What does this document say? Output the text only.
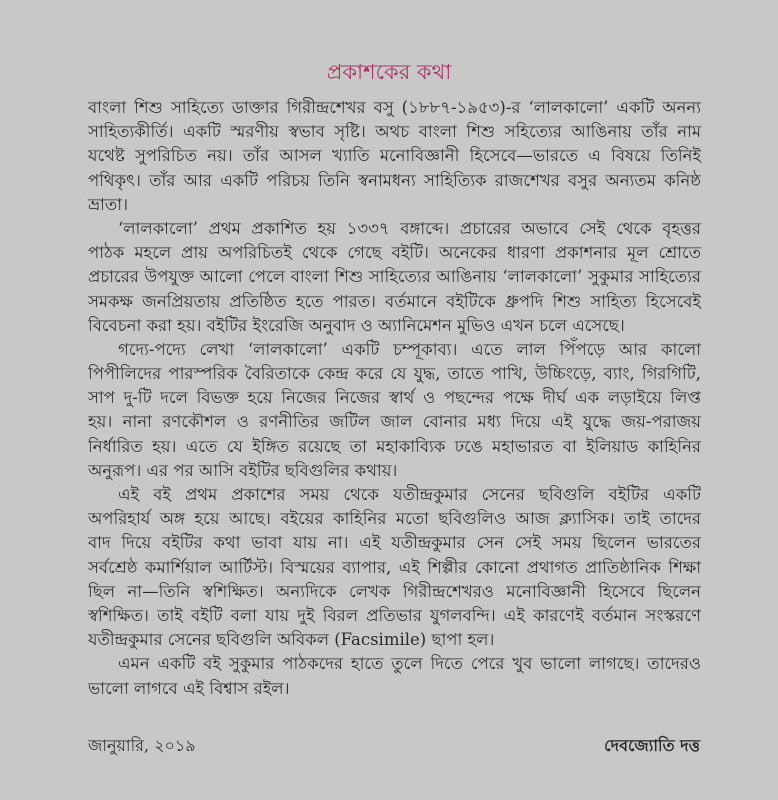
প্রকাশকের কথা
বাংলা শিশু সাহিত্যে ডাক্তার গিরীন্দ্রশেখর বসু (১৮৮৭-১৯৫৩)-র ‘লালকালো’ একটি অনন্য
সাহিত্যকীর্তি। একটি স্মরণীয় স্বভাব সৃষ্টি। অথচ বাংলা শিশু সহিত্যের আঙিনায় তাঁর নাম
যথেষ্ট সুপরিচিত নয়। তাঁর আসল খ্যাতি মনোবিজ্ঞানী হিসেবে—ভারতে এ বিষয়ে তিনিই
পথিকৃৎ। তাঁর আর একটি পরিচয় তিনি স্বনামধন্য সাহিত্যিক রাজশেখর বসুর অন্যতম কনিষ্ঠ
ভ্রাতা।
‘লালকালো’ প্রথম প্রকাশিত হয় ১৩৩৭ বঙ্গাব্দে। প্রচারের অভাবে সেই থেকে বৃহত্তর
পাঠক মহলে প্রায় অপরিচিতই থেকে গেছে বইটি। অনেকের ধারণা প্রকাশনার মূল শ্রোতে
প্রচারের উপযুক্ত আলো পেলে বাংলা শিশু সাহিত্যের আঙিনায় ‘লালকালো’ সুকুমার সাহিত্যের
সমকক্ষ জনপ্রিয়তায় প্রতিষ্ঠিত হতে পারত। বর্তমানে বইটিকে ধ্রুপদি শিশু সাহিত্য হিসেবেই
বিবেচনা করা হয়। বইটির ইংরেজি অনুবাদ ও অ্যানিমেশন মুভিও এখন চলে এসেছে।
গদ্যে-পদ্যে লেখা ‘লালকালো’ একটি চম্পূকাব্য। এতে লাল পিঁপড়ে আর কালো
পিপীলিদের পারস্পরিক বৈরিতাকে কেন্দ্র করে যে যুদ্ধ, তাতে পাখি, উচ্চিংড়ে, ব্যাং, গিরগিটি,
সাপ দু-টি দলে বিভক্ত হয়ে নিজের নিজের স্বার্থ ও পছন্দের পক্ষে দীর্ঘ এক লড়াইয়ে লিপ্ত
হয়। নানা রণকৌশল ও রণনীতির জটিল জাল বোনার মধ্য দিয়ে এই যুদ্ধে জয়-পরাজয়
নির্ধারিত হয়। এতে যে ইঙ্গিত রয়েছে তা মহাকাব্যিক ঢঙে মহাভারত বা ইলিয়াড কাহিনির
অনুরূপ। এর পর আসি বইটির ছবিগুলির কথায়।
এই বই প্রথম প্রকাশের সময় থেকে যতীন্দ্রকুমার সেনের ছবিগুলি বইটির একটি
অপরিহার্য অঙ্গ হয়ে আছে। বইয়ের কাহিনির মতো ছবিগুলিও আজ ক্ল্যাসিক। তাই তাদের
বাদ দিয়ে বইটির কথা ভাবা যায় না। এই যতীন্দ্রকুমার সেন সেই সময় ছিলেন ভারতের
সর্বশ্রেষ্ঠ কমার্শিয়াল আর্টিস্ট। বিস্ময়ের ব্যাপার, এই শিল্পীর কোনো প্রথাগত প্রাতিষ্ঠানিক শিক্ষা
ছিল না—তিনি স্বশিক্ষিত। অন্যদিকে লেখক গিরীন্দ্রশেখরও মনোবিজ্ঞানী হিসেবে ছিলেন
স্বশিক্ষিত। তাই বইটি বলা যায় দুই বিরল প্রতিভার যুগলবন্দি। এই কারণেই বর্তমান সংস্করণে
যতীন্দ্রকুমার সেনের ছবিগুলি অবিকল (Facsimile) ছাপা হল।
এমন একটি বই সুকুমার পাঠকদের হাতে তুলে দিতে পেরে খুব ভালো লাগছে। তাদেরও
ভালো লাগবে এই বিশ্বাস রইল।
জানুয়ারি, ২০১৯	দেবজ্যোতি দত্ত
